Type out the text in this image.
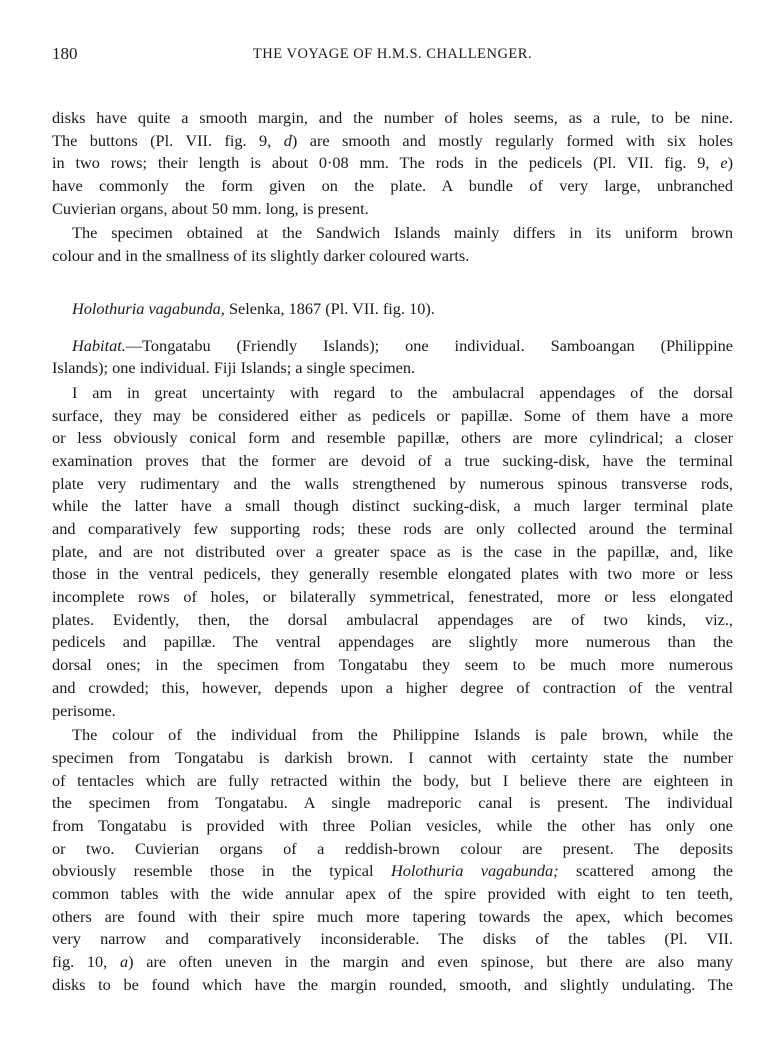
180	THE VOYAGE OF H.M.S. CHALLENGER.
disks have quite a smooth margin, and the number of holes seems, as a rule, to be nine.
The buttons (Pl. VII. fig. 9, d) are smooth and mostly regularly formed with six holes
in two rows; their length is about 0·08 mm. The rods in the pedicels (Pl. VII. fig. 9, e)
have commonly the form given on the plate. A bundle of very large, unbranched
Cuvierian organs, about 50 mm. long, is present.
The specimen obtained at the Sandwich Islands mainly differs in its uniform brown
colour and in the smallness of its slightly darker coloured warts.
Holothuria vagabunda, Selenka, 1867 (Pl. VII. fig. 10).
Habitat.—Tongatabu (Friendly Islands); one individual. Samboangan (Philippine
Islands); one individual. Fiji Islands; a single specimen.
I am in great uncertainty with regard to the ambulacral appendages of the dorsal
surface, they may be considered either as pedicels or papillæ. Some of them have a more
or less obviously conical form and resemble papillæ, others are more cylindrical; a closer
examination proves that the former are devoid of a true sucking-disk, have the terminal
plate very rudimentary and the walls strengthened by numerous spinous transverse rods,
while the latter have a small though distinct sucking-disk, a much larger terminal plate
and comparatively few supporting rods; these rods are only collected around the terminal
plate, and are not distributed over a greater space as is the case in the papillæ, and, like
those in the ventral pedicels, they generally resemble elongated plates with two more or less
incomplete rows of holes, or bilaterally symmetrical, fenestrated, more or less elongated
plates. Evidently, then, the dorsal ambulacral appendages are of two kinds, viz.,
pedicels and papillæ. The ventral appendages are slightly more numerous than the
dorsal ones; in the specimen from Tongatabu they seem to be much more numerous
and crowded; this, however, depends upon a higher degree of contraction of the ventral
perisome.
The colour of the individual from the Philippine Islands is pale brown, while the
specimen from Tongatabu is darkish brown. I cannot with certainty state the number
of tentacles which are fully retracted within the body, but I believe there are eighteen in
the specimen from Tongatabu. A single madreporic canal is present. The individual
from Tongatabu is provided with three Polian vesicles, while the other has only one
or two. Cuvierian organs of a reddish-brown colour are present. The deposits
obviously resemble those in the typical Holothuria vagabunda; scattered among the
common tables with the wide annular apex of the spire provided with eight to ten teeth,
others are found with their spire much more tapering towards the apex, which becomes
very narrow and comparatively inconsiderable. The disks of the tables (Pl. VII.
fig. 10, a) are often uneven in the margin and even spinose, but there are also many
disks to be found which have the margin rounded, smooth, and slightly undulating. The
